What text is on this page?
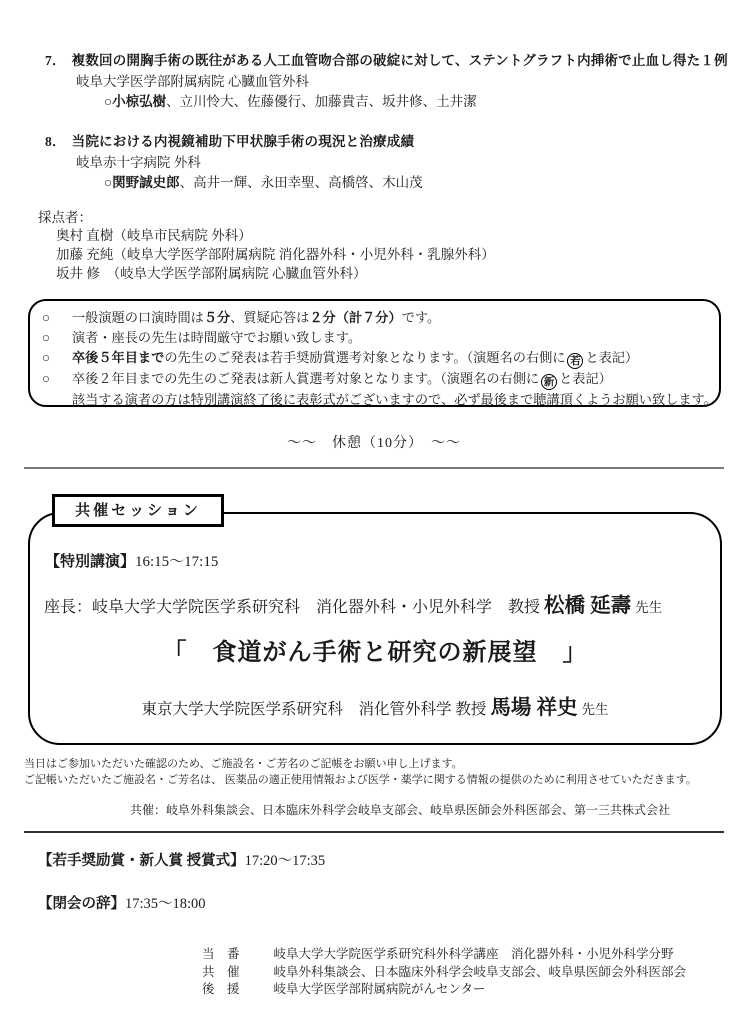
7． 複数回の開胸手術の既往がある人工血管吻合部の破綻に対して、ステントグラフト内挿術で止血し得た１例
岐阜大学医学部附属病院 心臓血管外科
○小椋弘樹、立川怜大、佐藤優行、加藤貴吉、坂井修、土井潔
8． 当院における内視鏡補助下甲状腺手術の現況と治療成績
岐阜赤十字病院 外科
○関野誠史郎、高井一輝、永田幸聖、高橋啓、木山茂
採点者：
奥村 直樹（岐阜市民病院 外科）
加藤 充純（岐阜大学医学部附属病院 消化器外科・小児外科・乳腺外科）
坂井 修　（岐阜大学医学部附属病院 心臓血管外科）
○	一般演題の口演時間は５分、質疑応答は２分（計７分）です。
○	演者・座長の先生は時間厳守でお願い致します。
○	卒後５年目までの先生のご発表は若手奨励賞選考対象となります。（演題名の右側に 若 と表記）
○	卒後２年目までの先生のご発表は新人賞選考対象となります。（演題名の右側に 新 と表記）
該当する演者の方は特別講演終了後に表彰式がございますので、必ず最後まで聴講頂くようお願い致します。
～～　休憩（10分）　～～
共催セッション
【特別講演】16:15～17:15
座長：岐阜大学大学院医学系研究科　消化器外科・小児外科学　教授 松橋 延壽 先生
「　食道がん手術と研究の新展望　」
東京大学大学院医学系研究科　消化管外科学 教授 馬場 祥史 先生
当日はご参加いただいた確認のため、ご施設名・ご芳名のご記帳をお願い申し上げます。
ご記帳いただいたご施設名・ご芳名は、 医薬品の適正使用情報および医学・薬学に関する情報の提供のために利用させていただきます。
共催：岐阜外科集談会、日本臨床外科学会岐阜支部会、岐阜県医師会外科医部会、第一三共株式会社
【若手奨励賞・新人賞 授賞式】17:20～17:35
【閉会の辞】17:35～18:00
当　番	岐阜大学大学院医学系研究科外科学講座　消化器外科・小児外科学分野
共　催	岐阜外科集談会、日本臨床外科学会岐阜支部会、岐阜県医師会外科医部会
後　援	岐阜大学医学部附属病院がんセンター
